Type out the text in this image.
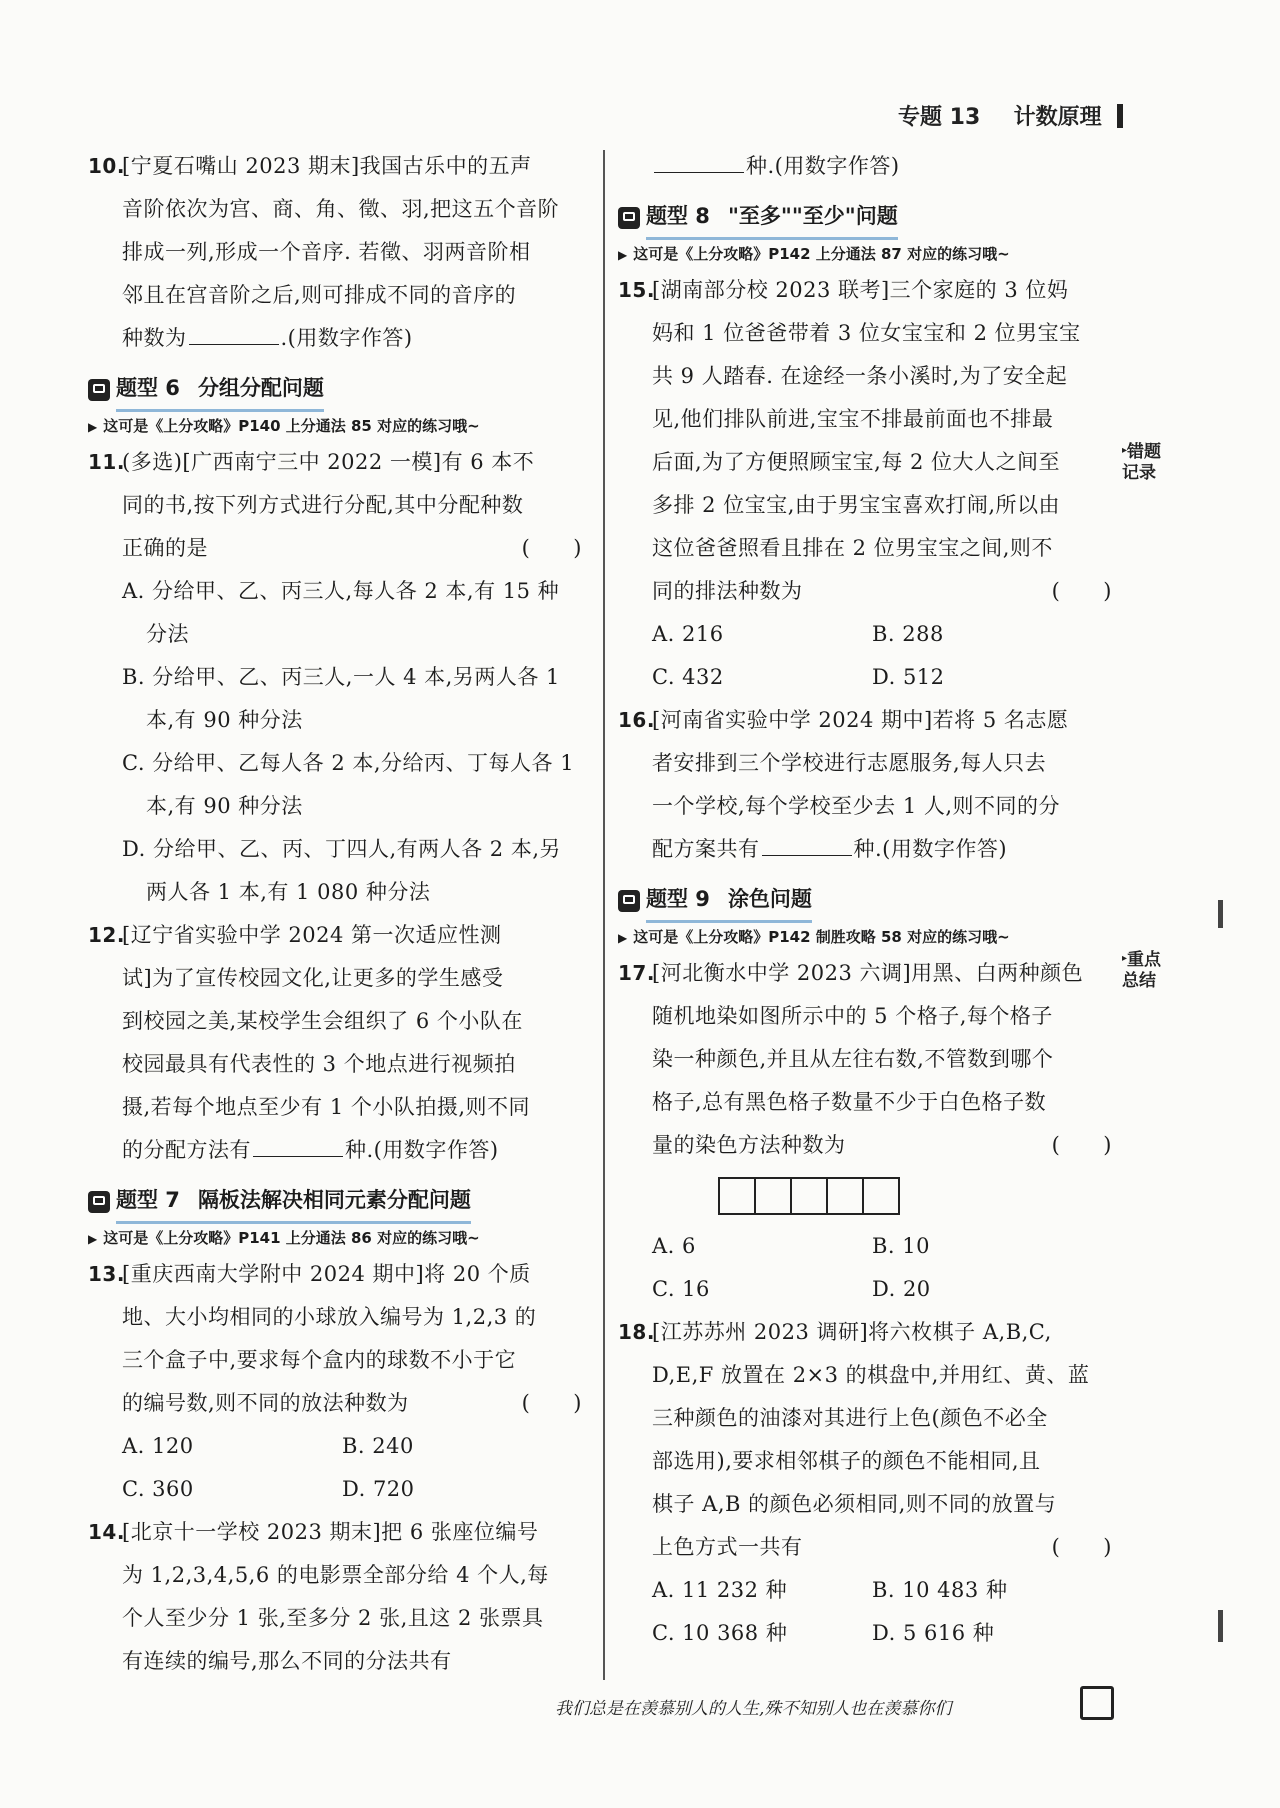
专题 13 计数原理
10.[宁夏石嘴山 2023 期末]我国古乐中的五声
音阶依次为宫、商、角、徵、羽,把这五个音阶
排成一列,形成一个音序. 若徵、羽两音阶相
邻且在宫音阶之后,则可排成不同的音序的
种数为	.(用数字作答)
题型 6 分组分配问题
▶ 这可是《上分攻略》P140 上分通法 85 对应的练习哦~
11.(多选)[广西南宁三中 2022 一模]有 6 本不
同的书,按下列方式进行分配,其中分配种数
正确的是	(　　)
A. 分给甲、乙、丙三人,每人各 2 本,有 15 种
分法
B. 分给甲、乙、丙三人,一人 4 本,另两人各 1
本,有 90 种分法
C. 分给甲、乙每人各 2 本,分给丙、丁每人各 1
本,有 90 种分法
D. 分给甲、乙、丙、丁四人,有两人各 2 本,另
两人各 1 本,有 1 080 种分法
12.[辽宁省实验中学 2024 第一次适应性测
试]为了宣传校园文化,让更多的学生感受
到校园之美,某校学生会组织了 6 个小队在
校园最具有代表性的 3 个地点进行视频拍
摄,若每个地点至少有 1 个小队拍摄,则不同
的分配方法有	种.(用数字作答)
题型 7 隔板法解决相同元素分配问题
▶ 这可是《上分攻略》P141 上分通法 86 对应的练习哦~
13.[重庆西南大学附中 2024 期中]将 20 个质
地、大小均相同的小球放入编号为 1,2,3 的
三个盒子中,要求每个盒内的球数不小于它
的编号数,则不同的放法种数为	(　　)
A. 120	B. 240
C. 360	D. 720
14.[北京十一学校 2023 期末]把 6 张座位编号
为 1,2,3,4,5,6 的电影票全部分给 4 个人,每
个人至少分 1 张,至多分 2 张,且这 2 张票具
有连续的编号,那么不同的分法共有
种.(用数字作答)
题型 8 "至多""至少"问题
▶ 这可是《上分攻略》P142 上分通法 87 对应的练习哦~
15.[湖南部分校 2023 联考]三个家庭的 3 位妈
妈和 1 位爸爸带着 3 位女宝宝和 2 位男宝宝
共 9 人踏春. 在途经一条小溪时,为了安全起
见,他们排队前进,宝宝不排最前面也不排最
后面,为了方便照顾宝宝,每 2 位大人之间至
多排 2 位宝宝,由于男宝宝喜欢打闹,所以由
这位爸爸照看且排在 2 位男宝宝之间,则不
同的排法种数为	(　　)
A. 216	B. 288
C. 432	D. 512
16.[河南省实验中学 2024 期中]若将 5 名志愿
者安排到三个学校进行志愿服务,每人只去
一个学校,每个学校至少去 1 人,则不同的分
配方案共有	种.(用数字作答)
题型 9 涂色问题
▶ 这可是《上分攻略》P142 制胜攻略 58 对应的练习哦~
17.[河北衡水中学 2023 六调]用黑、白两种颜色
随机地染如图所示中的 5 个格子,每个格子
染一种颜色,并且从左往右数,不管数到哪个
格子,总有黑色格子数量不少于白色格子数
量的染色方法种数为	(　　)
A. 6	B. 10
C. 16	D. 20
18.[江苏苏州 2023 调研]将六枚棋子 A,B,C,
D,E,F 放置在 2×3 的棋盘中,并用红、黄、蓝
三种颜色的油漆对其进行上色(颜色不必全
部选用),要求相邻棋子的颜色不能相同,且
棋子 A,B 的颜色必须相同,则不同的放置与
上色方式一共有	(　　)
A. 11 232 种	B. 10 483 种
C. 10 368 种	D. 5 616 种
▸错题记录
▸重点总结
我们总是在羡慕别人的人生,殊不知别人也在羡慕你们
